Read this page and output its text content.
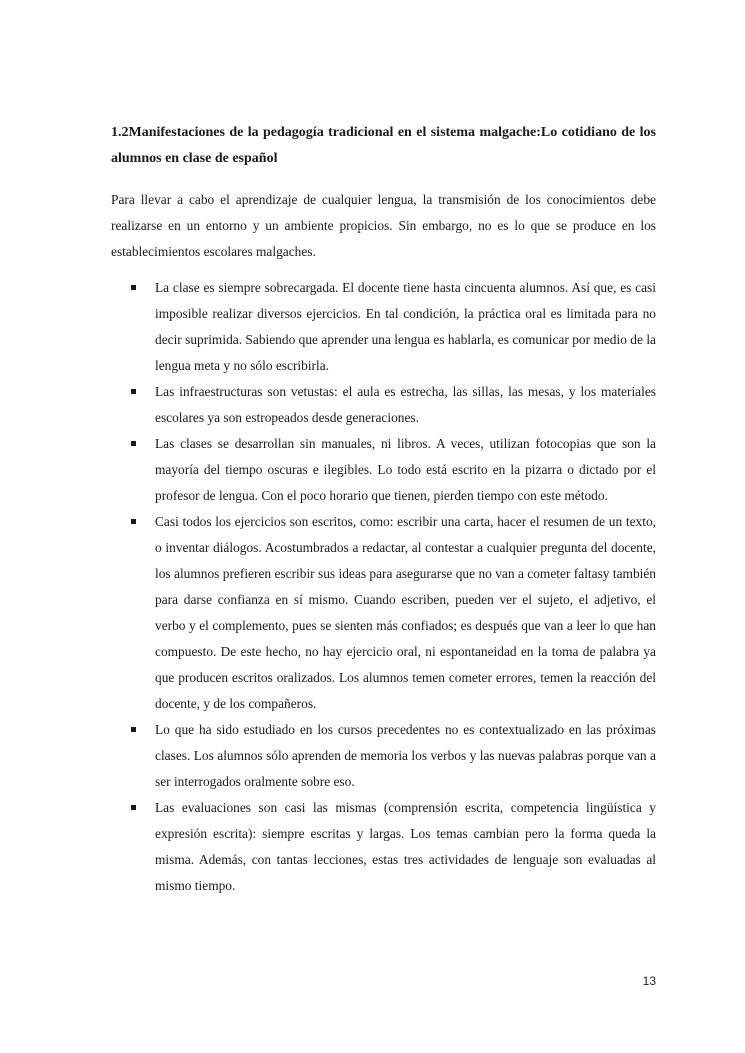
1.2Manifestaciones de la pedagogía tradicional en el sistema malgache:Lo cotidiano de los alumnos en clase de español

Para llevar a cabo el aprendizaje de cualquier lengua, la transmisión de los conocimientos debe realizarse en un entorno y un ambiente propicios. Sin embargo, no es lo que se produce en los establecimientos escolares malgaches.

La clase es siempre sobrecargada. El docente tiene hasta cincuenta alumnos. Así que, es casi imposible realizar diversos ejercicios. En tal condición, la práctica oral es limitada para no decir suprimida. Sabiendo que aprender una lengua es hablarla, es comunicar por medio de la lengua meta y no sólo escribirla.
Las infraestructuras son vetustas: el aula es estrecha, las sillas, las mesas, y los materiales escolares ya son estropeados desde generaciones.
Las clases se desarrollan sin manuales, ni libros. A veces, utilizan fotocopias que son la mayoría del tiempo oscuras e ilegibles. Lo todo está escrito en la pizarra o dictado por el profesor de lengua. Con el poco horario que tienen, pierden tiempo con este método.
Casi todos los ejercicios son escritos, como: escribir una carta, hacer el resumen de un texto, o inventar diálogos. Acostumbrados a redactar, al contestar a cualquier pregunta del docente, los alumnos prefieren escribir sus ideas para asegurarse que no van a cometer faltasy también para darse confianza en sí mismo. Cuando escriben, pueden ver el sujeto, el adjetivo, el verbo y el complemento, pues se sienten más confiados; es después que van a leer lo que han compuesto. De este hecho, no hay ejercicio oral, ni espontaneidad en la toma de palabra ya que producen escritos oralizados. Los alumnos temen cometer errores, temen la reacción del docente, y de los compañeros.
Lo que ha sido estudiado en los cursos precedentes no es contextualizado en las próximas clases. Los alumnos sólo aprenden de memoria los verbos y las nuevas palabras porque van a ser interrogados oralmente sobre eso.
Las evaluaciones son casi las mismas (comprensión escrita, competencia lingüística y expresión escrita): siempre escritas y largas. Los temas cambian pero la forma queda la misma. Además, con tantas lecciones, estas tres actividades de lenguaje son evaluadas al mismo tiempo.
13
